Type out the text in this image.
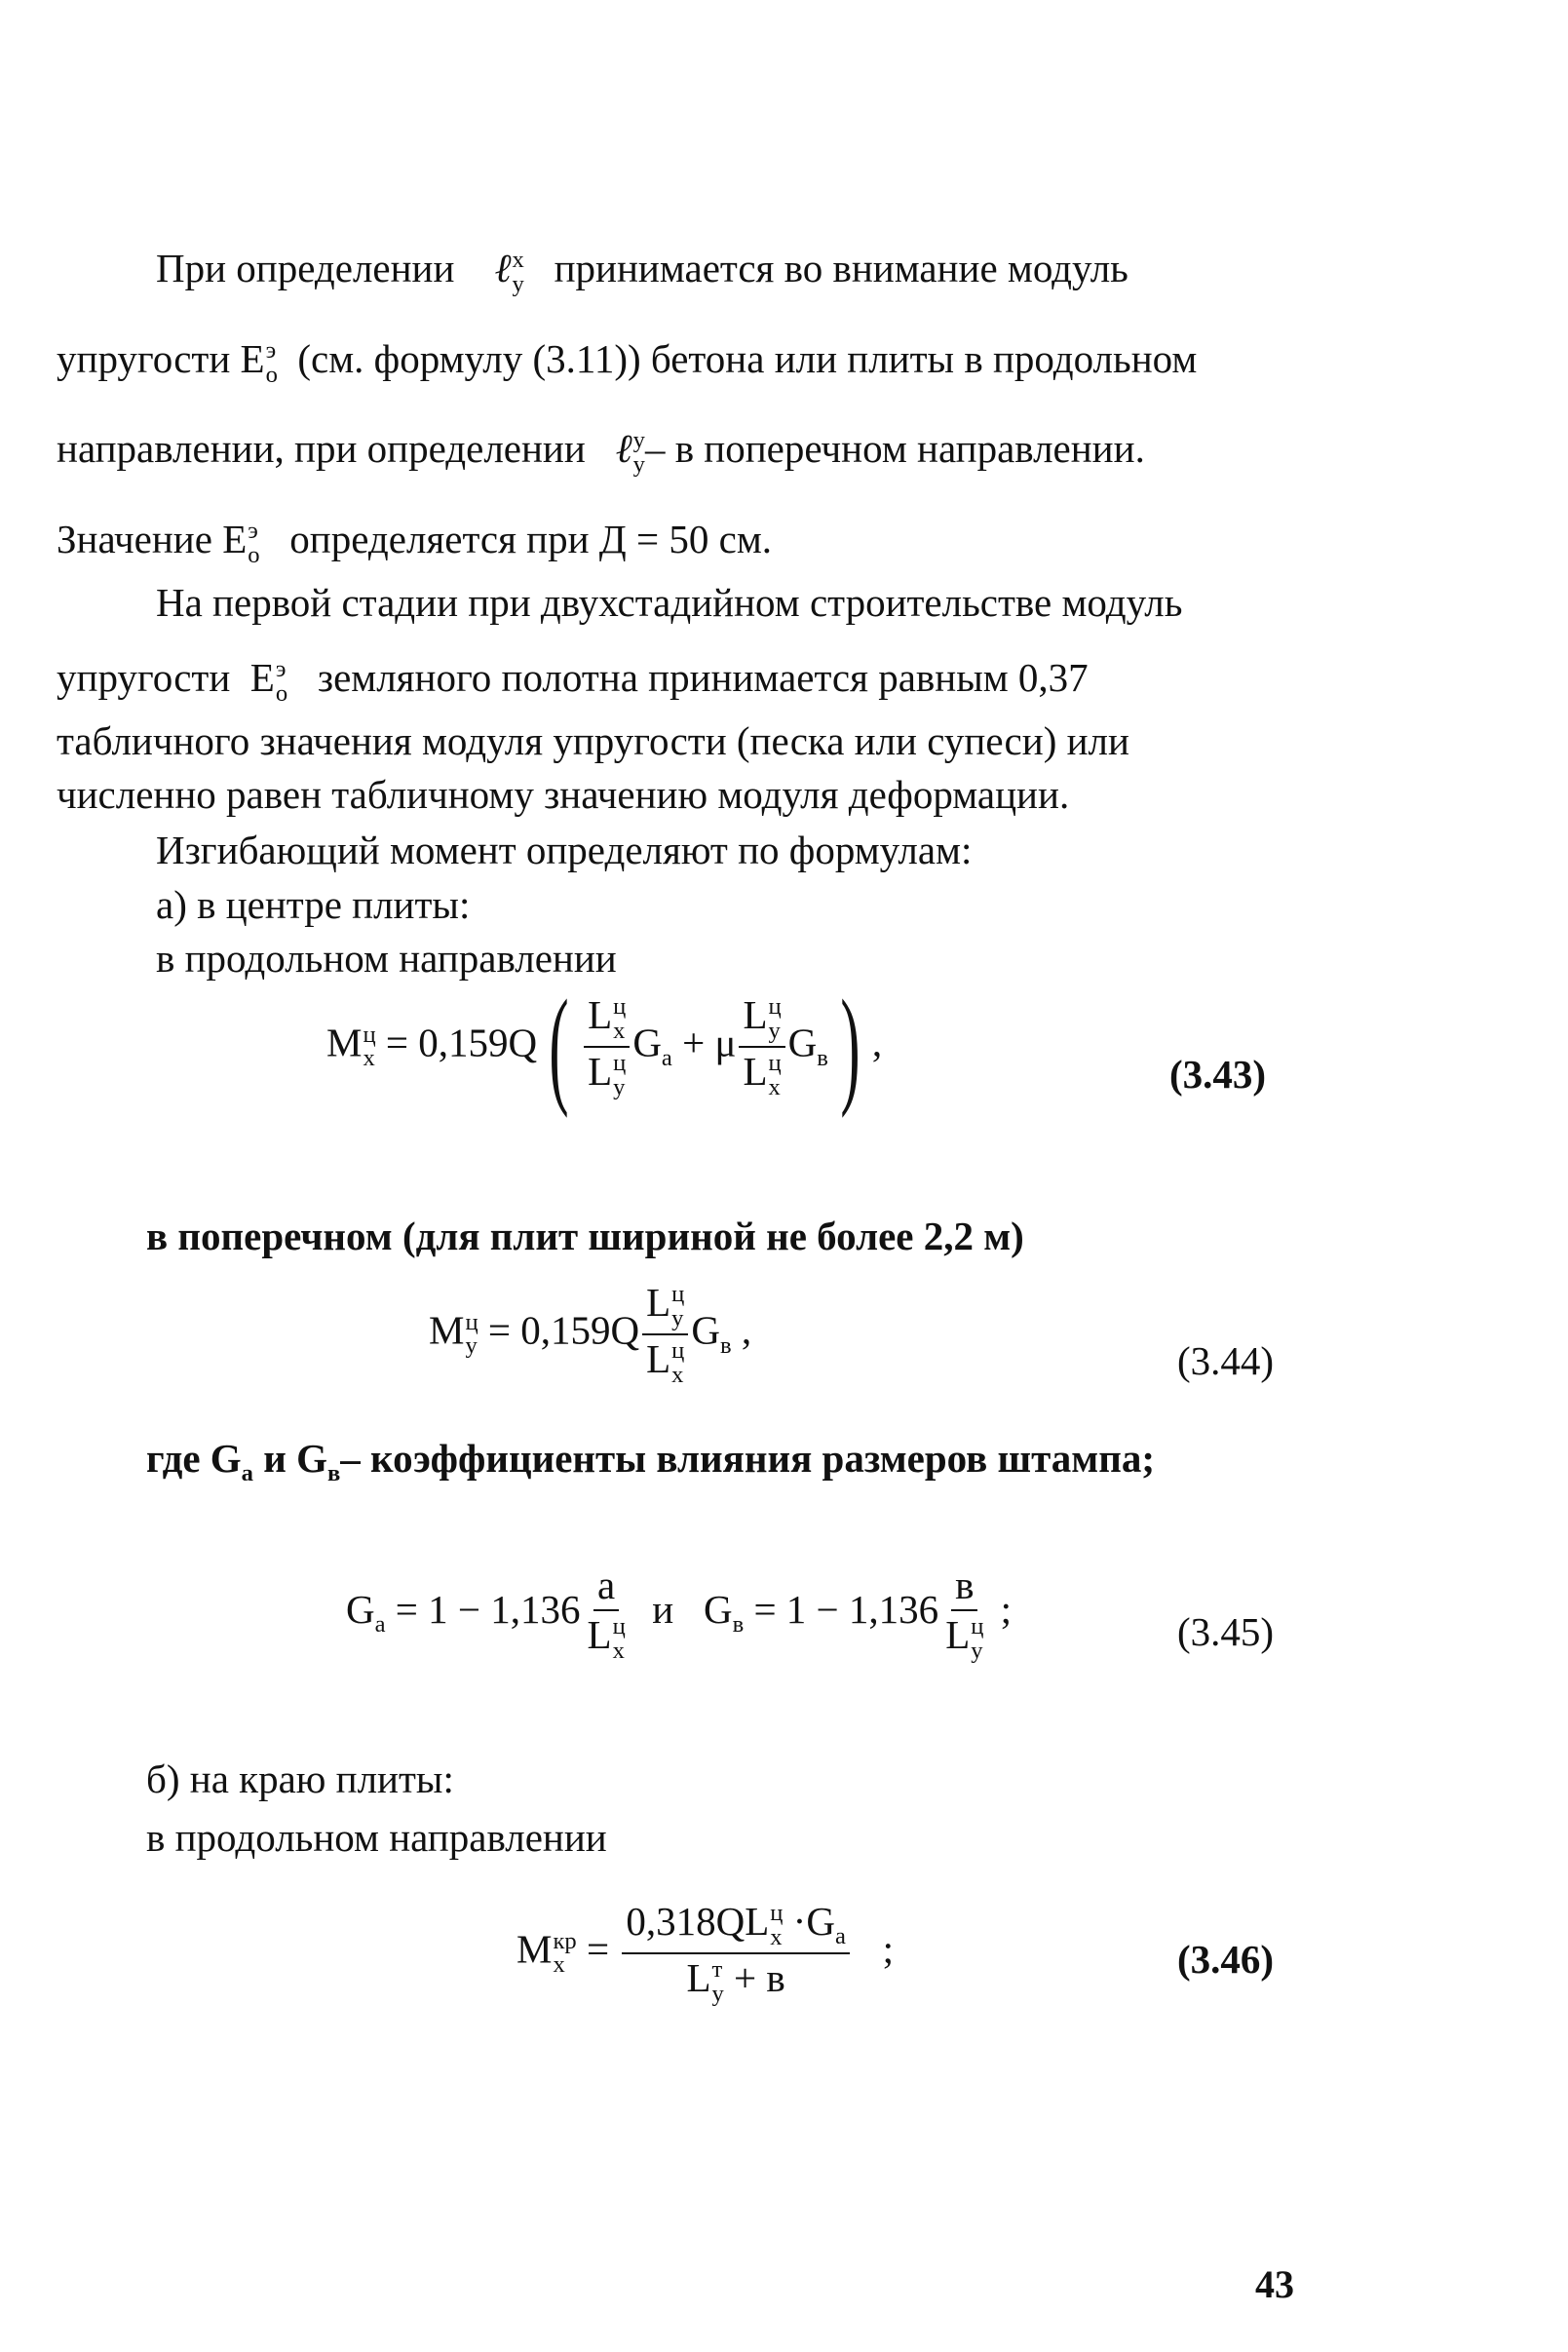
При определении ℓ x
y принимается во внимание модуль
упругости E э
о (см. формулу (3.11)) бетона или плиты в продольном
направлении, при определении ℓ y
y – в поперечном направлении.
Значение E э
о определяется при Д = 50 см.
На первой стадии при двухстадийном строительстве модуль
упругости  E э
о земляного полотна принимается равным 0,37
табличного значения модуля упругости (песка или супеси) или
численно равен табличному значению модуля деформации.
Изгибающий момент определяют по формулам:
а) в центре плиты:
в продольном направлении
M ц
x = 0,159Q( L ц
x
L ц
y $G_a + \mu$ L ц
y
L ц
x $G_в$) ,
(3.43)
в поперечном (для плит шириной не более 2,2 м)
M ц
y = 0,159Q L ц
y
L ц
x $G_в$ ,
(3.44)
где $G_a$ и $G_в-$ коэффициенты влияния размеров штампа;
$G_a = 1 - 1,136$ a
L ц
x и   $G_в = 1 - 1,136$ в
L ц
y ;	(3.45)
б) на краю плиты:
в продольном направлении
M кр
x = 0,318QL ц
$x \cdot G_a$
L т
y + в ;	(3.46)
43
